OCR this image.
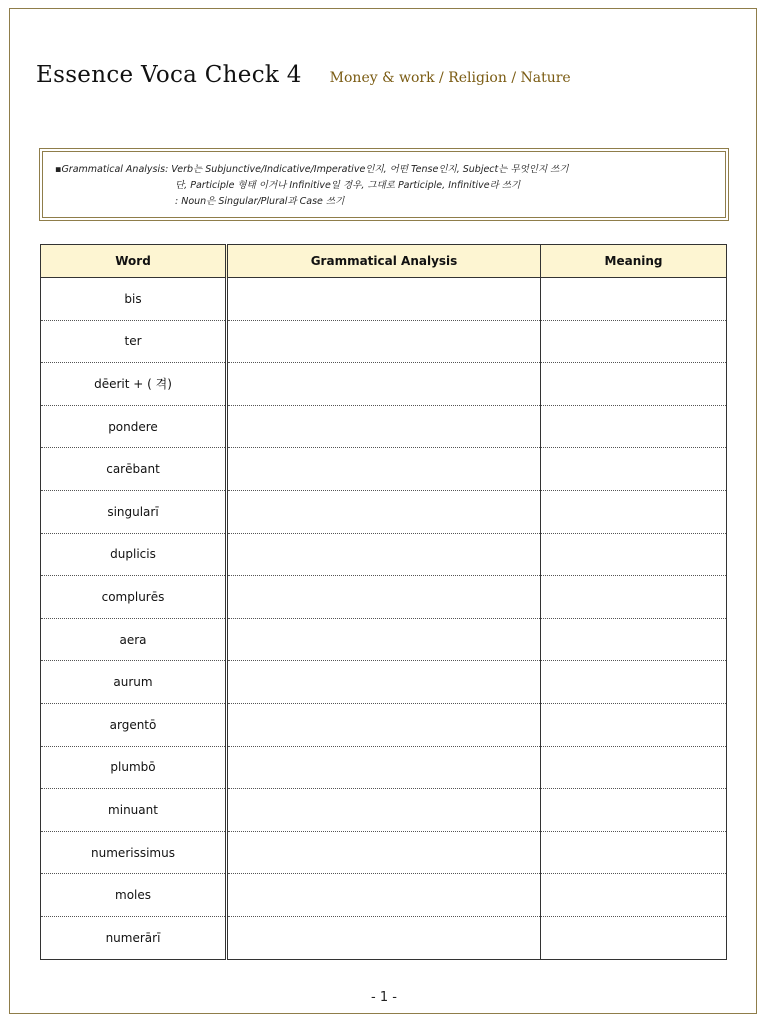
Essence Voca Check 4 Money & work / Religion / Nature
▪Grammatical Analysis: Verb는 Subjunctive/Indicative/Imperative인지, 어떤 Tense인지, Subject는 무엇인지 쓰기
단, Participle 형태 이거나 Infinitive일 경우, 그대로 Participle, Infinitive라 쓰기
: Noun은 Singular/Plural과 Case 쓰기
Word	Grammatical Analysis	Meaning
bis		
ter		
dēerit + ( 격)		
pondere		
carēbant		
singularī		
duplicis		
complurēs		
aera		
aurum		
argentō		
plumbō		
minuant		
numerissimus		
moles		
numerārī		
- 1 -
